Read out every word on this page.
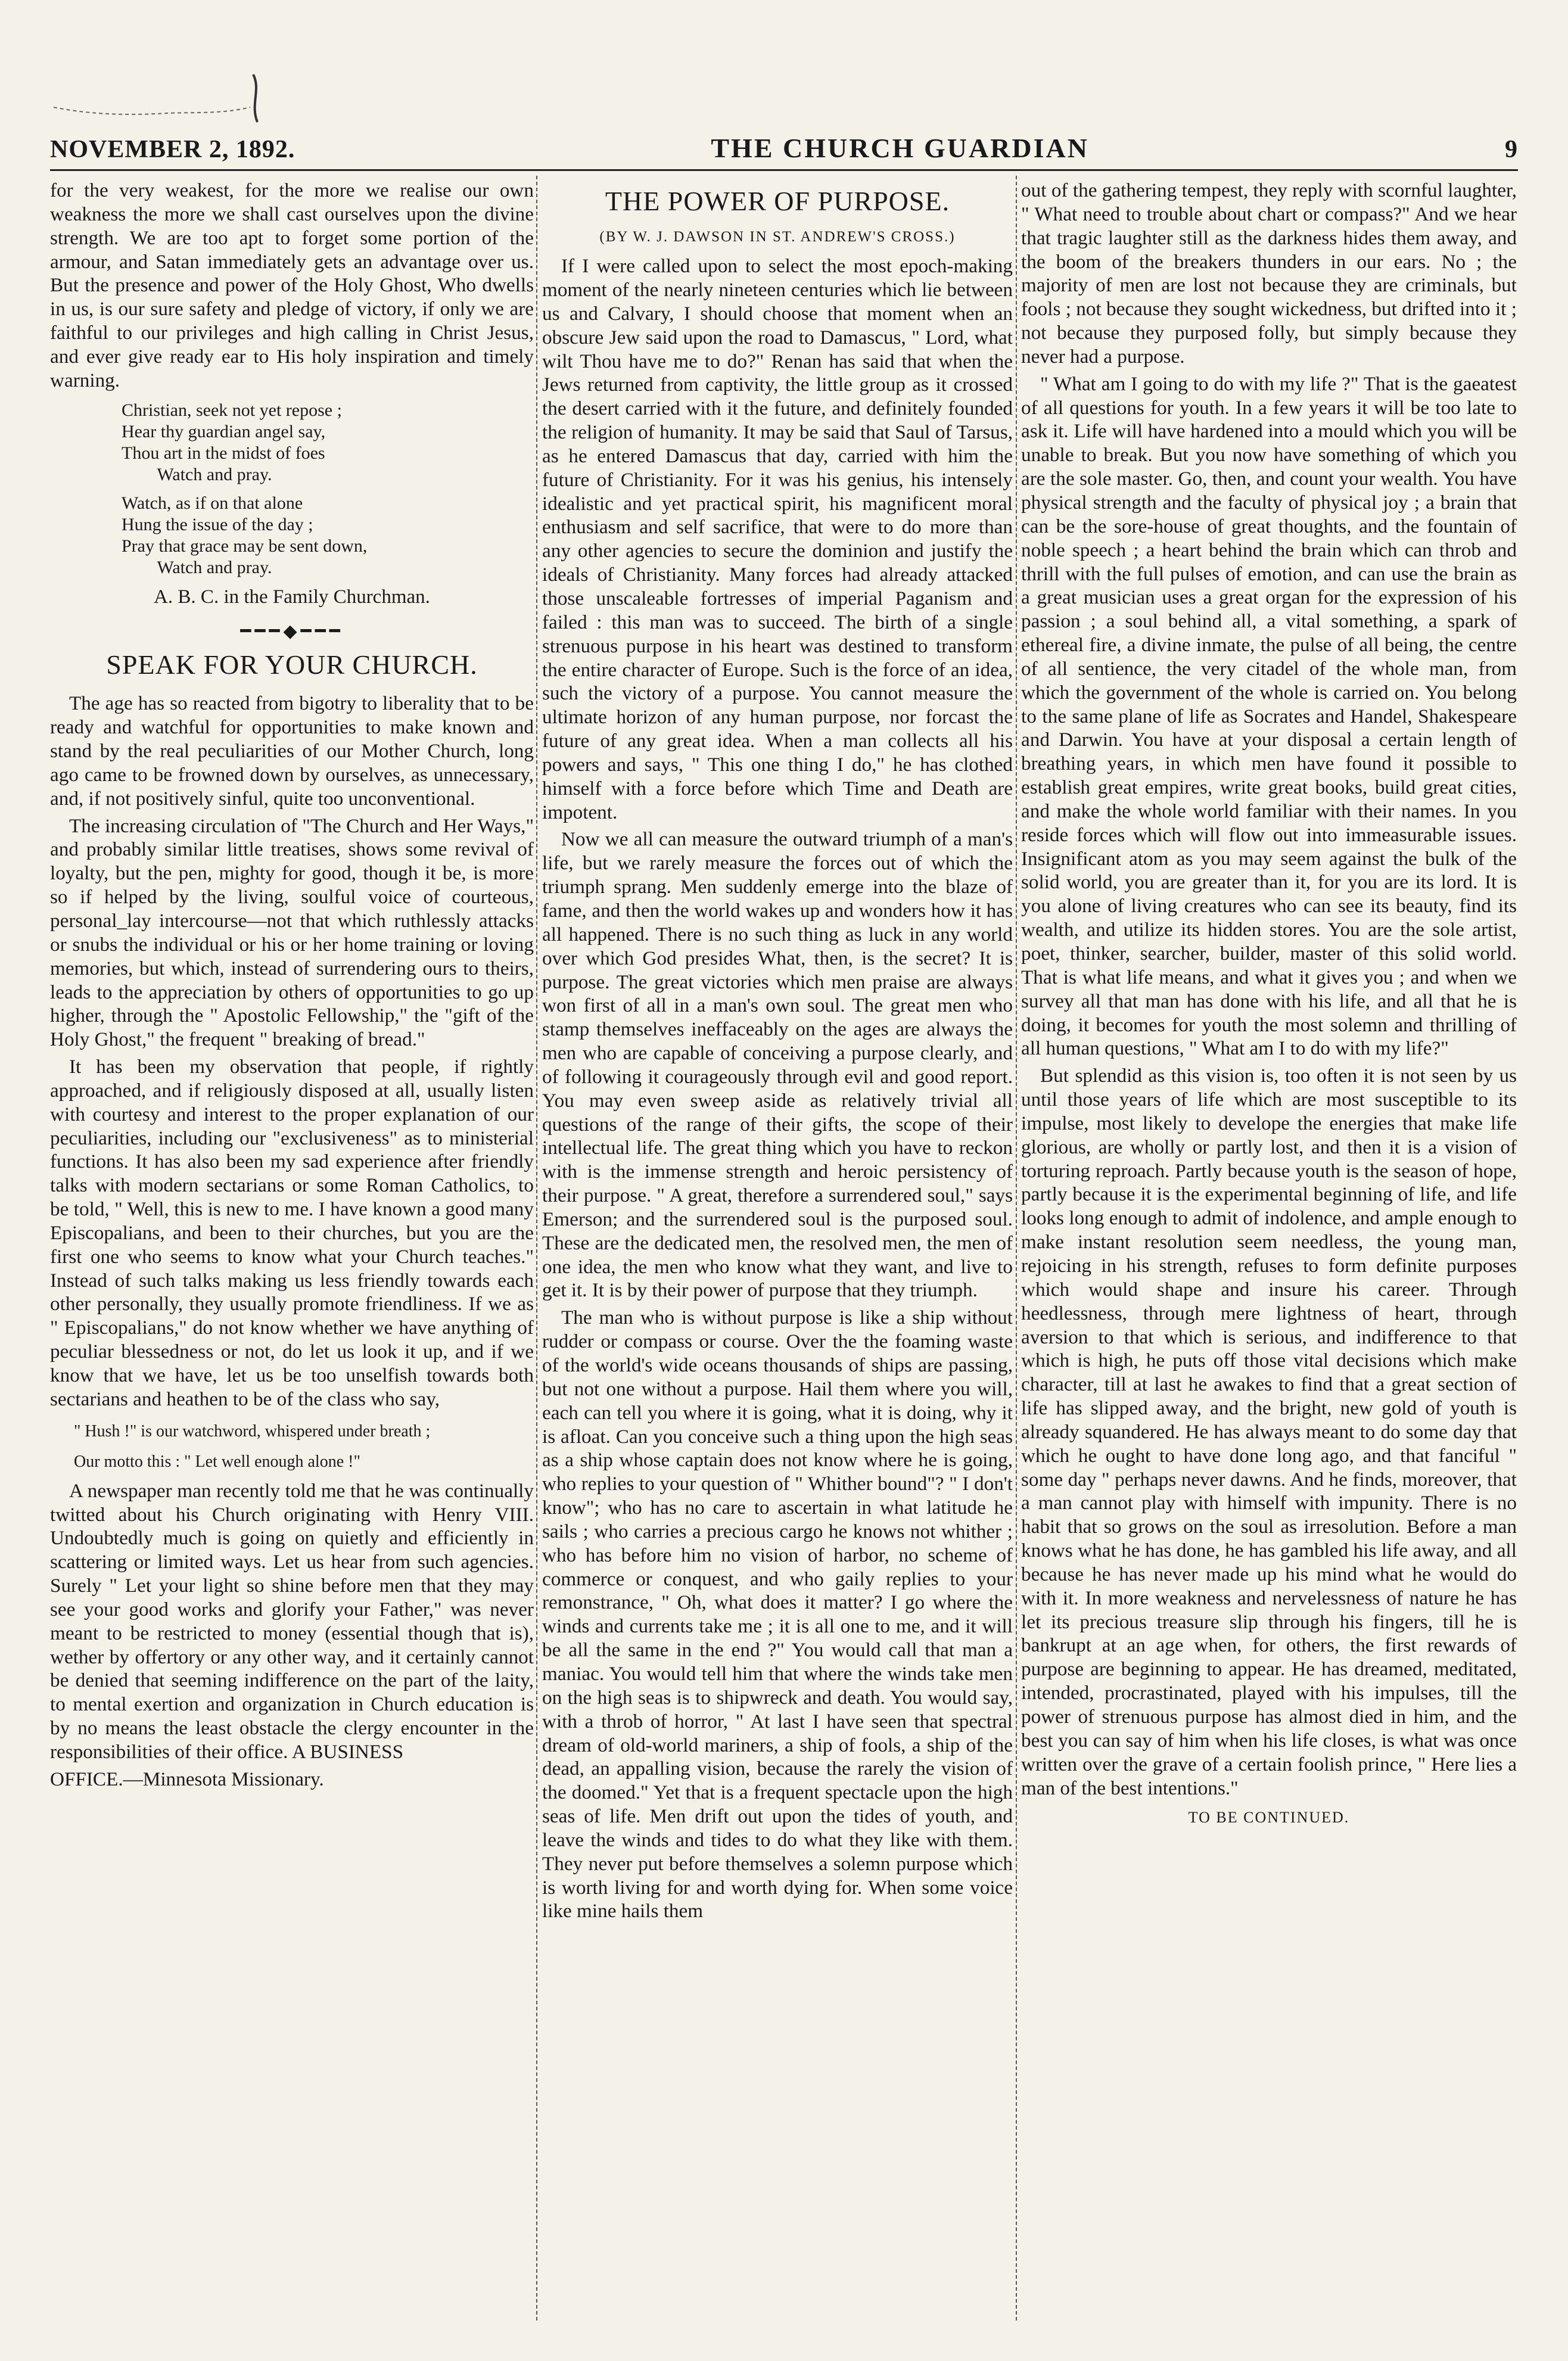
NOVEMBER 2, 1892.	THE CHURCH GUARDIAN	9

for the very weakest, for the more we realise our own weakness the more we shall cast ourselves upon the divine strength. We are too apt to forget some portion of the armour, and Satan immediately gets an advantage over us. But the presence and power of the Holy Ghost, Who dwells in us, is our sure safety and pledge of victory, if only we are faithful to our privileges and high calling in Christ Jesus, and ever give ready ear to His holy inspiration and timely warning.

Christian, seek not yet repose ;
Hear thy guardian angel say,
Thou art in the midst of foes
Watch and pray.
Watch, as if on that alone
Hung the issue of the day ;
Pray that grace may be sent down,
Watch and pray.
A. B. C. in the Family Churchman.
━━━◆━━━
SPEAK FOR YOUR CHURCH.

The age has so reacted from bigotry to liberality that to be ready and watchful for opportunities to make known and stand by the real peculiarities of our Mother Church, long ago came to be frowned down by ourselves, as unnecessary, and, if not positively sinful, quite too unconventional.

The increasing circulation of "The Church and Her Ways," and probably similar little treatises, shows some revival of loyalty, but the pen, mighty for good, though it be, is more so if helped by the living, soulful voice of courteous, personal_lay intercourse—not that which ruthlessly attacks or snubs the individual or his or her home training or loving memories, but which, instead of surrendering ours to theirs, leads to the appreciation by others of opportunities to go up higher, through the " Apostolic Fellowship," the "gift of the Holy Ghost," the frequent " breaking of bread."

It has been my observation that people, if rightly approached, and if religiously disposed at all, usually listen with courtesy and interest to the proper explanation of our peculiarities, including our "exclusiveness" as to ministerial functions. It has also been my sad experience after friendly talks with modern sectarians or some Roman Catholics, to be told, " Well, this is new to me. I have known a good many Episcopalians, and been to their churches, but you are the first one who seems to know what your Church teaches." Instead of such talks making us less friendly towards each other personally, they usually promote friendliness. If we as " Episcopalians," do not know whether we have anything of peculiar blessedness or not, do let us look it up, and if we know that we have, let us be too unselfish towards both sectarians and heathen to be of the class who say,

" Hush !" is our watchword, whispered under breath ;
Our motto this : " Let well enough alone !"

A newspaper man recently told me that he was continually twitted about his Church originating with Henry VIII. Undoubtedly much is going on quietly and efficiently in scattering or limited ways. Let us hear from such agencies. Surely " Let your light so shine before men that they may see your good works and glorify your Father," was never meant to be restricted to money (essential though that is), wether by offertory or any other way, and it certainly cannot be denied that seeming indifference on the part of the laity, to mental exertion and organization in Church education is by no means the least obstacle the clergy encounter in the responsibilities of their office. A BUSINESS

OFFICE.—Minnesota Missionary.

THE POWER OF PURPOSE.
(BY W. J. DAWSON IN ST. ANDREW'S CROSS.)

If I were called upon to select the most epoch-making moment of the nearly nineteen centuries which lie between us and Calvary, I should choose that moment when an obscure Jew said upon the road to Damascus, " Lord, what wilt Thou have me to do?" Renan has said that when the Jews returned from captivity, the little group as it crossed the desert carried with it the future, and definitely founded the religion of humanity. It may be said that Saul of Tarsus, as he entered Damascus that day, carried with him the future of Christianity. For it was his genius, his intensely idealistic and yet practical spirit, his magnificent moral enthusiasm and self sacrifice, that were to do more than any other agencies to secure the dominion and justify the ideals of Christianity. Many forces had already attacked those unscaleable fortresses of imperial Paganism and failed : this man was to succeed. The birth of a single strenuous purpose in his heart was destined to transform the entire character of Europe. Such is the force of an idea, such the victory of a purpose. You cannot measure the ultimate horizon of any human purpose, nor forcast the future of any great idea. When a man collects all his powers and says, " This one thing I do," he has clothed himself with a force before which Time and Death are impotent.

Now we all can measure the outward triumph of a man's life, but we rarely measure the forces out of which the triumph sprang. Men suddenly emerge into the blaze of fame, and then the world wakes up and wonders how it has all happened. There is no such thing as luck in any world over which God presides What, then, is the secret? It is purpose. The great victories which men praise are always won first of all in a man's own soul. The great men who stamp themselves ineffaceably on the ages are always the men who are capable of conceiving a purpose clearly, and of following it courageously through evil and good report. You may even sweep aside as relatively trivial all questions of the range of their gifts, the scope of their intellectual life. The great thing which you have to reckon with is the immense strength and heroic persistency of their purpose. " A great, therefore a surrendered soul," says Emerson; and the surrendered soul is the purposed soul. These are the dedicated men, the resolved men, the men of one idea, the men who know what they want, and live to get it. It is by their power of purpose that they triumph.

The man who is without purpose is like a ship without rudder or compass or course. Over the the foaming waste of the world's wide oceans thousands of ships are passing, but not one without a purpose. Hail them where you will, each can tell you where it is going, what it is doing, why it is afloat. Can you conceive such a thing upon the high seas as a ship whose captain does not know where he is going, who replies to your question of " Whither bound"? " I don't know"; who has no care to ascertain in what latitude he sails ; who carries a precious cargo he knows not whither ; who has before him no vision of harbor, no scheme of commerce or conquest, and who gaily replies to your remonstrance, " Oh, what does it matter? I go where the winds and currents take me ; it is all one to me, and it will be all the same in the end ?" You would call that man a maniac. You would tell him that where the winds take men on the high seas is to shipwreck and death. You would say, with a throb of horror, " At last I have seen that spectral dream of old-world mariners, a ship of fools, a ship of the dead, an appalling vision, because the rarely the vision of the doomed." Yet that is a frequent spectacle upon the high seas of life. Men drift out upon the tides of youth, and leave the winds and tides to do what they like with them. They never put before themselves a solemn purpose which is worth living for and worth dying for. When some voice like mine hails them

out of the gathering tempest, they reply with scornful laughter, " What need to trouble about chart or compass?" And we hear that tragic laughter still as the darkness hides them away, and the boom of the breakers thunders in our ears. No ; the majority of men are lost not because they are criminals, but fools ; not because they sought wickedness, but drifted into it ; not because they purposed folly, but simply because they never had a purpose.

" What am I going to do with my life ?" That is the gaeatest of all questions for youth. In a few years it will be too late to ask it. Life will have hardened into a mould which you will be unable to break. But you now have something of which you are the sole master. Go, then, and count your wealth. You have physical strength and the faculty of physical joy ; a brain that can be the sore-house of great thoughts, and the fountain of noble speech ; a heart behind the brain which can throb and thrill with the full pulses of emotion, and can use the brain as a great musician uses a great organ for the expression of his passion ; a soul behind all, a vital something, a spark of ethereal fire, a divine inmate, the pulse of all being, the centre of all sentience, the very citadel of the whole man, from which the government of the whole is carried on. You belong to the same plane of life as Socrates and Handel, Shakespeare and Darwin. You have at your disposal a certain length of breathing years, in which men have found it possible to establish great empires, write great books, build great cities, and make the whole world familiar with their names. In you reside forces which will flow out into immeasurable issues. Insignificant atom as you may seem against the bulk of the solid world, you are greater than it, for you are its lord. It is you alone of living creatures who can see its beauty, find its wealth, and utilize its hidden stores. You are the sole artist, poet, thinker, searcher, builder, master of this solid world. That is what life means, and what it gives you ; and when we survey all that man has done with his life, and all that he is doing, it becomes for youth the most solemn and thrilling of all human questions, " What am I to do with my life?"

But splendid as this vision is, too often it is not seen by us until those years of life which are most susceptible to its impulse, most likely to develope the energies that make life glorious, are wholly or partly lost, and then it is a vision of torturing reproach. Partly because youth is the season of hope, partly because it is the experimental beginning of life, and life looks long enough to admit of indolence, and ample enough to make instant resolution seem needless, the young man, rejoicing in his strength, refuses to form definite purposes which would shape and insure his career. Through heedlessness, through mere lightness of heart, through aversion to that which is serious, and indifference to that which is high, he puts off those vital decisions which make character, till at last he awakes to find that a great section of life has slipped away, and the bright, new gold of youth is already squandered. He has always meant to do some day that which he ought to have done long ago, and that fanciful " some day " perhaps never dawns. And he finds, moreover, that a man cannot play with himself with impunity. There is no habit that so grows on the soul as irresolution. Before a man knows what he has done, he has gambled his life away, and all because he has never made up his mind what he would do with it. In more weakness and nervelessness of nature he has let its precious treasure slip through his fingers, till he is bankrupt at an age when, for others, the first rewards of purpose are beginning to appear. He has dreamed, meditated, intended, procrastinated, played with his impulses, till the power of strenuous purpose has almost died in him, and the best you can say of him when his life closes, is what was once written over the grave of a certain foolish prince, " Here lies a man of the best intentions."

TO BE CONTINUED.
